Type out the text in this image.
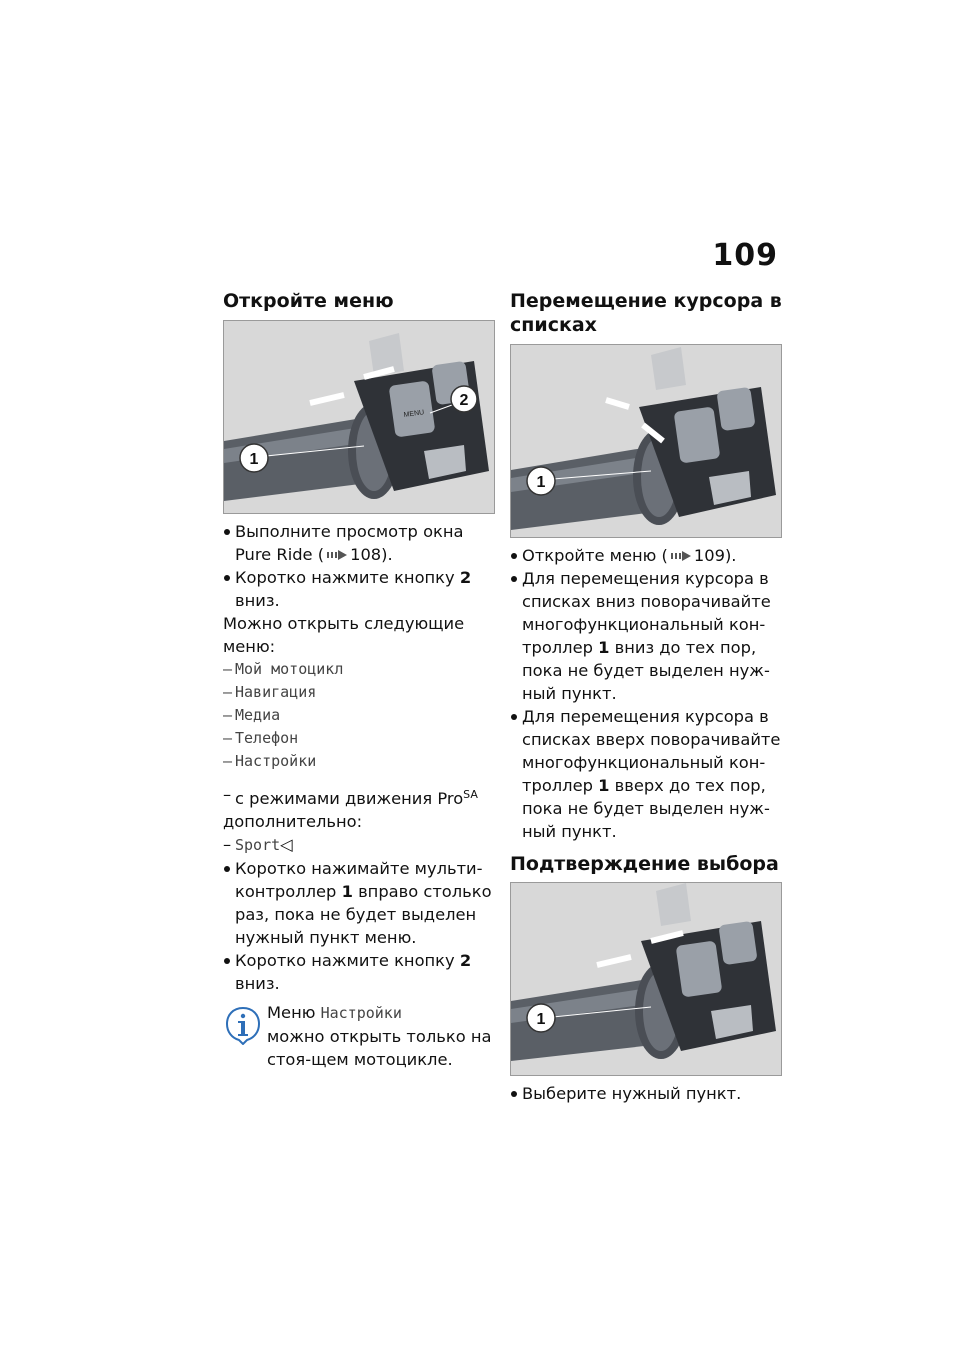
109
Откройте меню
1
2
MENU

Выполните просмотр окна Pure Ride ( 108).

Коротко нажмите кнопку 2 вниз.

Можно открыть следующие меню:

– Мой мотоцикл

– Навигация

– Медиа

– Телефон

– Настройки

– с режимами движения Pro$^{SA}$

дополнительно:

– Sport◁

Коротко нажимайте мульти-контроллер 1 вправо столько раз, пока не будет выделен нужный пункт меню.

Коротко нажмите кнопку 2 вниз.

Меню Настройки
можно открыть только на стоя-щем мотоцикле.
Перемещение курсора в списках
1

Откройте меню ( 109).

Для перемещения курсора в списках вниз поворачивайте многофункциональный кон-троллер 1 вниз до тех пор, пока не будет выделен нуж-ный пункт.

Для перемещения курсора в списках вверх поворачивайте многофункциональный кон-троллер 1 вверх до тех пор, пока не будет выделен нуж-ный пункт.

Подтверждение выбора
1

Выберите нужный пункт.
